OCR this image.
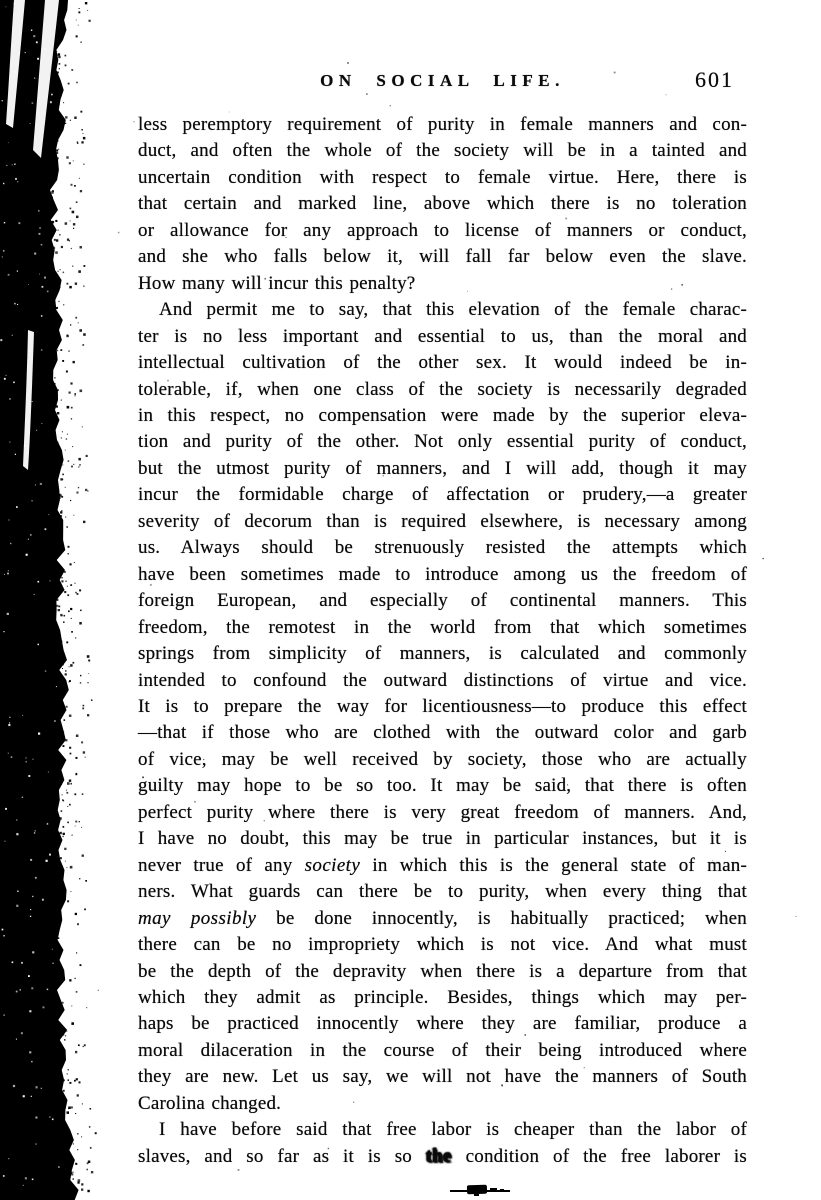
ON SOCIAL LIFE.	601
less peremptory requirement of purity in female manners and con-
duct, and often the whole of the society will be in a tainted and
uncertain condition with respect to female virtue. Here, there is
that certain and marked line, above which there is no toleration
or allowance for any approach to license of manners or conduct,
and she who falls below it, will fall far below even the slave.
How many will incur this penalty?
And permit me to say, that this elevation of the female charac-
ter is no less important and essential to us, than the moral and
intellectual cultivation of the other sex. It would indeed be in-
tolerable, if, when one class of the society is necessarily degraded
in this respect, no compensation were made by the superior eleva-
tion and purity of the other. Not only essential purity of conduct,
but the utmost purity of manners, and I will add, though it may
incur the formidable charge of affectation or prudery,—a greater
severity of decorum than is required elsewhere, is necessary among
us. Always should be strenuously resisted the attempts which
have been sometimes made to introduce among us the freedom of
foreign European, and especially of continental manners. This
freedom, the remotest in the world from that which sometimes
springs from simplicity of manners, is calculated and commonly
intended to confound the outward distinctions of virtue and vice.
It is to prepare the way for licentiousness—to produce this effect
—that if those who are clothed with the outward color and garb
of vice, may be well received by society, those who are actually
guilty may hope to be so too. It may be said, that there is often
perfect purity where there is very great freedom of manners. And,
I have no doubt, this may be true in particular instances, but it is
never true of any society in which this is the general state of man-
ners. What guards can there be to purity, when every thing that
may possibly be done innocently, is habitually practiced; when
there can be no impropriety which is not vice. And what must
be the depth of the depravity when there is a departure from that
which they admit as principle. Besides, things which may per-
haps be practiced innocently where they are familiar, produce a
moral dilaceration in the course of their being introduced where
they are new. Let us say, we will not have the manners of South
Carolina changed.
I have before said that free labor is cheaper than the labor of
slaves, and so far as it is so the condition of the free laborer is
